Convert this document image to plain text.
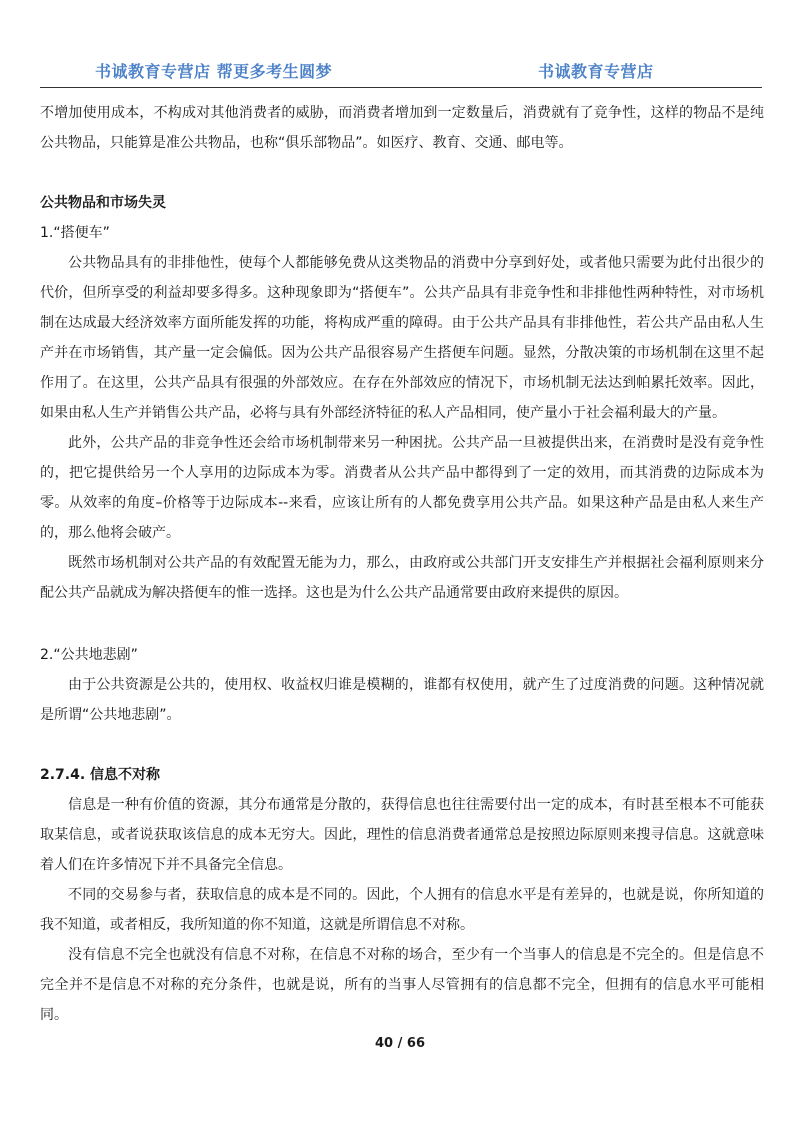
书诚教育专营店 帮更多考生圆梦	书诚教育专营店

不增加使用成本，不构成对其他消费者的威胁，而消费者增加到一定数量后，消费就有了竞争性，这样的物品不是纯公共物品，只能算是准公共物品，也称“俱乐部物品”。如医疗、教育、交通、邮电等。

公共物品和市场失灵

1.“搭便车”

公共物品具有的非排他性，使每个人都能够免费从这类物品的消费中分享到好处，或者他只需要为此付出很少的代价，但所享受的利益却要多得多。这种现象即为“搭便车”。公共产品具有非竞争性和非排他性两种特性，对市场机制在达成最大经济效率方面所能发挥的功能，将构成严重的障碍。由于公共产品具有非排他性，若公共产品由私人生产并在市场销售，其产量一定会偏低。因为公共产品很容易产生搭便车问题。显然，分散决策的市场机制在这里不起作用了。在这里，公共产品具有很强的外部效应。在存在外部效应的情况下，市场机制无法达到帕累托效率。因此，如果由私人生产并销售公共产品，必将与具有外部经济特征的私人产品相同，使产量小于社会福利最大的产量。

此外，公共产品的非竞争性还会给市场机制带来另一种困扰。公共产品一旦被提供出来，在消费时是没有竞争性的，把它提供给另一个人享用的边际成本为零。消费者从公共产品中都得到了一定的效用，而其消费的边际成本为零。从效率的角度–价格等于边际成本--来看，应该让所有的人都免费享用公共产品。如果这种产品是由私人来生产的，那么他将会破产。

既然市场机制对公共产品的有效配置无能为力，那么，由政府或公共部门开支安排生产并根据社会福利原则来分配公共产品就成为解决搭便车的惟一选择。这也是为什么公共产品通常要由政府来提供的原因。

2.“公共地悲剧”

由于公共资源是公共的，使用权、收益权归谁是模糊的，谁都有权使用，就产生了过度消费的问题。这种情况就是所谓“公共地悲剧”。

2.7.4. 信息不对称

信息是一种有价值的资源，其分布通常是分散的，获得信息也往往需要付出一定的成本，有时甚至根本不可能获取某信息，或者说获取该信息的成本无穷大。因此，理性的信息消费者通常总是按照边际原则来搜寻信息。这就意味着人们在许多情况下并不具备完全信息。

不同的交易参与者，获取信息的成本是不同的。因此，个人拥有的信息水平是有差异的，也就是说，你所知道的我不知道，或者相反，我所知道的你不知道，这就是所谓信息不对称。

没有信息不完全也就没有信息不对称，在信息不对称的场合，至少有一个当事人的信息是不完全的。但是信息不完全并不是信息不对称的充分条件，也就是说，所有的当事人尽管拥有的信息都不完全，但拥有的信息水平可能相同。

40 / 66
